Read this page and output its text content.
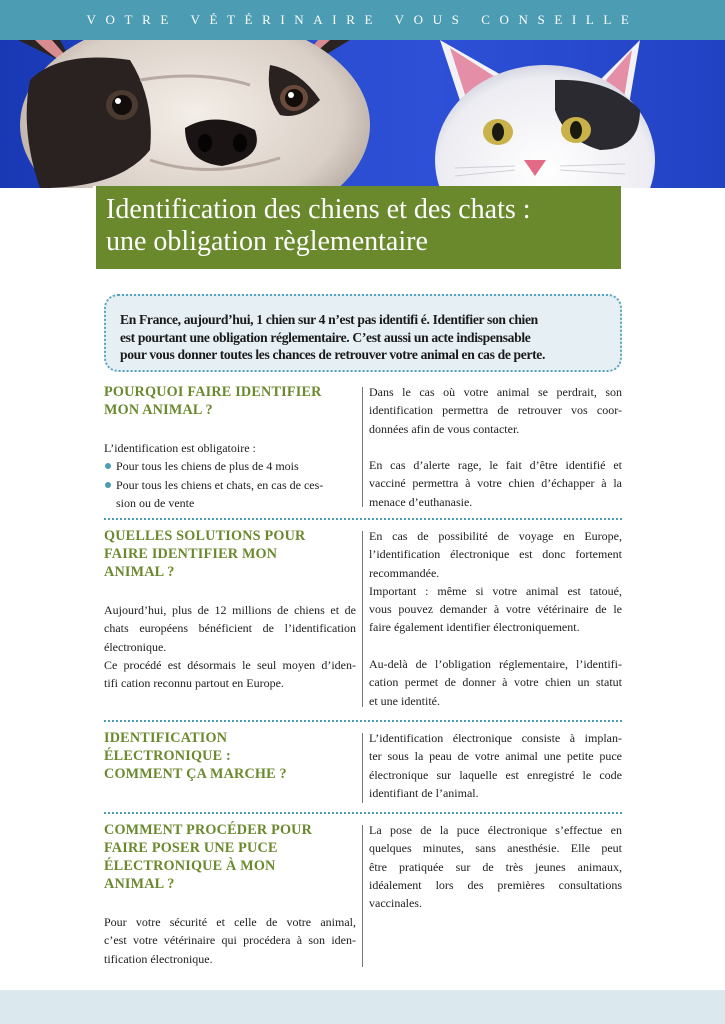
VOTRE VÉTÉRINAIRE VOUS CONSEILLE
Identification des chiens et des chats :
une obligation règlementaire

En France, aujourd’hui, 1 chien sur 4 n’est pas identifi é. Identifier son chien
est pourtant une obligation réglementaire. C’est aussi un acte indispensable
pour vous donner toutes les chances de retrouver votre animal en cas de perte.

POURQUOI FAIRE IDENTIFIER
MON ANIMAL ?
L’identification est obligatoire :
Pour tous les chiens de plus de 4 mois
Pour tous les chiens et chats, en cas de ces-
sion ou de vente
Dans le cas où votre animal se perdrait, son
identification permettra de retrouver vos coor-
données afin de vous contacter.
En cas d’alerte rage, le fait d’être identifié et
vacciné permettra à votre chien d’échapper à la
menace d’euthanasie.
QUELLES SOLUTIONS POUR
FAIRE IDENTIFIER MON
ANIMAL ?
Aujourd’hui, plus de 12 millions de chiens et de
chats européens bénéficient de l’identification
électronique.
Ce procédé est désormais le seul moyen d’iden-
tifi cation reconnu partout en Europe.
En cas de possibilité de voyage en Europe,
l’identification électronique est donc fortement
recommandée.
Important : même si votre animal est tatoué,
vous pouvez demander à votre vétérinaire de le
faire également identifier électroniquement.
Au-delà de l’obligation réglementaire, l’identifi-
cation permet de donner à votre chien un statut
et une identité.
IDENTIFICATION
ÉLECTRONIQUE :
COMMENT ÇA MARCHE ?
L’identification électronique consiste à implan-
ter sous la peau de votre animal une petite puce
électronique sur laquelle est enregistré le code
identifiant de l’animal.
COMMENT PROCÉDER POUR
FAIRE POSER UNE PUCE
ÉLECTRONIQUE À MON
ANIMAL ?
Pour votre sécurité et celle de votre animal,
c’est votre vétérinaire qui procédera à son iden-
tification électronique.
La pose de la puce électronique s’effectue en
quelques minutes, sans anesthésie. Elle peut
être pratiquée sur de très jeunes animaux,
idéalement lors des premières consultations
vaccinales.
